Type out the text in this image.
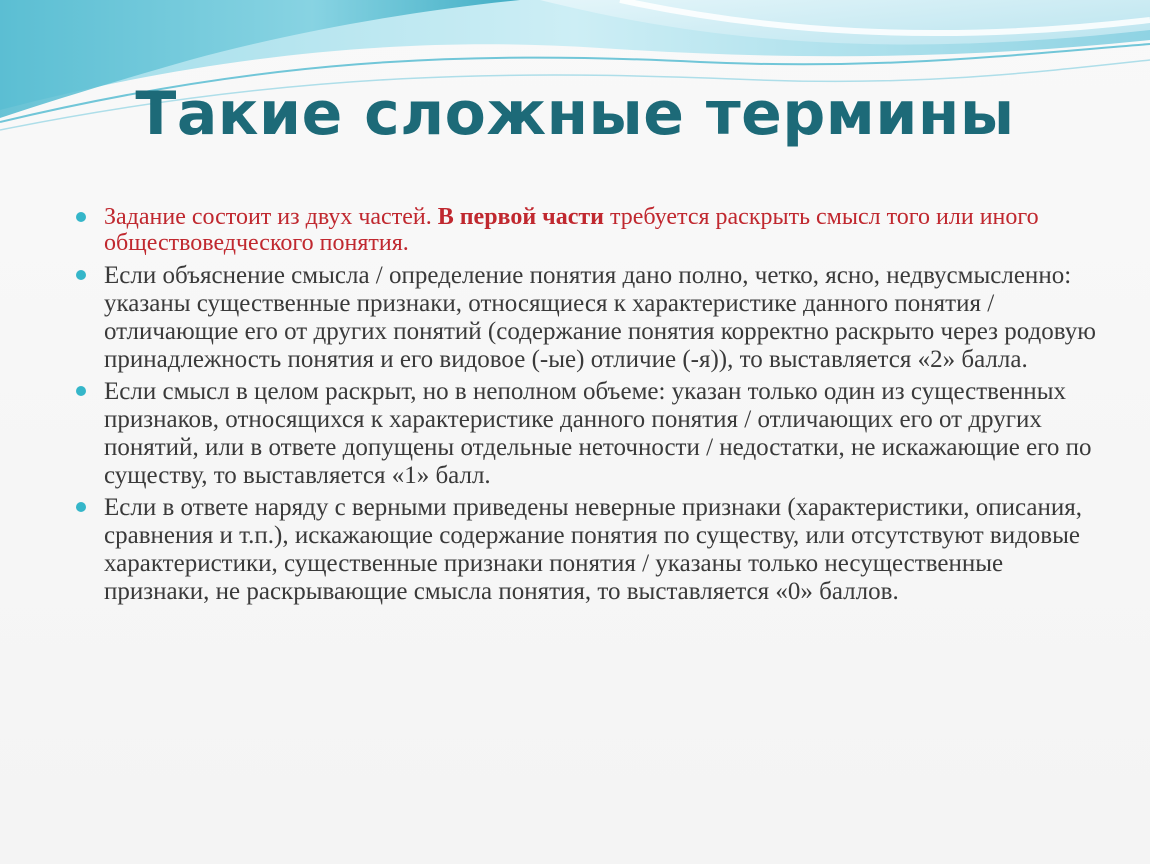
Такие сложные термины
Задание состоит из двух частей. В первой части требуется раскрыть смысл того или иного обществоведческого понятия.
Если объяснение смысла / определение понятия дано полно, четко, ясно, недвусмысленно: указаны существенные признаки, относящиеся к характеристике данного понятия / отличающие его от других понятий (содержание понятия корректно раскрыто через родовую принадлежность понятия и его видовое (-ые) отличие (-я)), то выставляется «2» балла.
Если смысл в целом раскрыт, но в неполном объеме: указан только один из существенных признаков, относящихся к характеристике данного понятия / отличающих его от других понятий, или в ответе допущены отдельные неточности / недостатки, не искажающие его по существу, то выставляется «1» балл.
Если в ответе наряду с верными приведены неверные признаки (характеристики, описания, сравнения и т.п.), искажающие содержание понятия по существу, или отсутствуют видовые характеристики, существенные признаки понятия / указаны только несущественные признаки, не раскрывающие смысла понятия, то выставляется «0» баллов.
